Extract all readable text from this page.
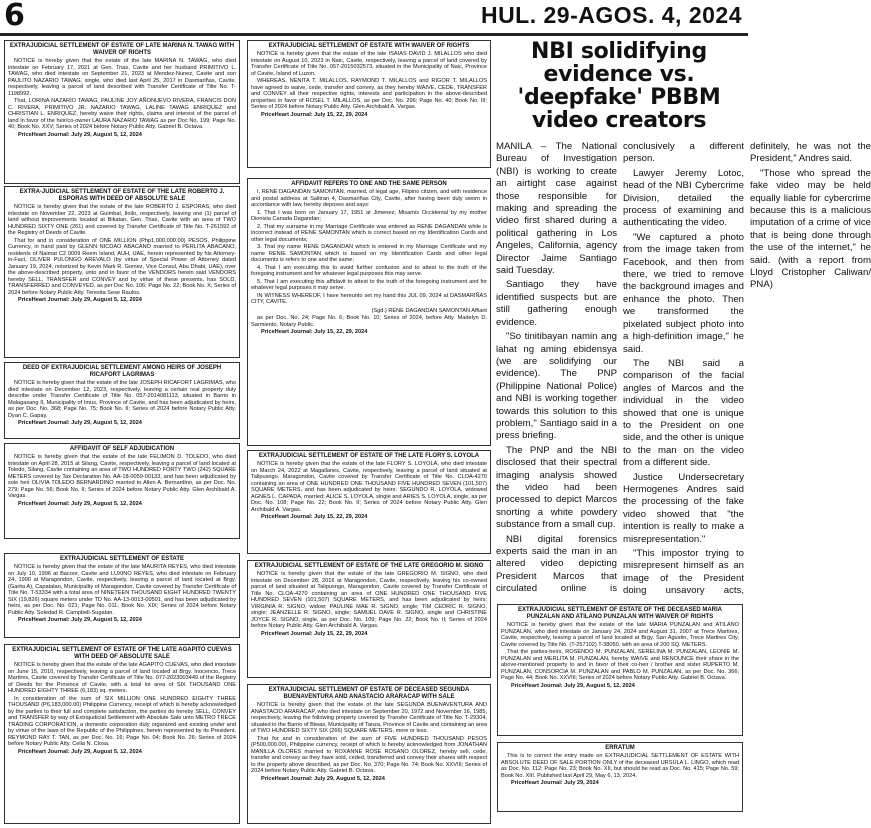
6	HUL. 29-AGOS. 4, 2024
EXTRAJUDICIAL SETTLEMENT OF ESTATE OF LATE MARINA N. TAWAG WITH WAIVER OF RIGHTS

NOTICE is hereby given that the estate of the late MARINA N. TAWAG, who died intestate on February 17, 2021 at Gen. Trias, Cavite and her husband PRIMITIVO L. TAWAG, who died intestate on September 21, 2023 at Mendez-Nunez, Cavite and son PAULITO NAZARIO TAWAG, single, who died last April 25, 2017 in Dasmariñas, Cavite, respectively, leaving a parcel of land described with Transfer Certificate of Title No. T-1198992.

That, LORINA NAZARIO TAWAG, PAULINE JOY AÑONUEVO RIVERA, FRANCIS DON C. RIVERA, PRIMITIVO JR. NAZARIO TAWAG, LALINE TAWAG ENRIQUEZ and CHRISTIAN L. ENRIQUEZ, hereby waive their rights, claims and interest of the parcel of land in favor of the heir/co-owner LAURA NAZARIO TAWAG as per Doc No. 199; Page No. 40; Book No. XXV; Series of 2024 before Notary Public Atty. Gabriel B. Octava.

PriceHeart Journal: July 29, August 5, 12, 2024

EXTRA-JUDICIAL SETTLEMENT OF ESTATE OF THE LATE ROBERTO J. ESPORAS WITH DEED OF ABSOLUTE SALE

NOTICE is hereby given that the estate of the late ROBERTO J. ESPORAS, who died intestate on November 22, 2023 at Guimbal, Iloilo, respectively, leaving one (1) parcel of land without improvements located at Bikatan, Gen. Trias, Cavite with an area of TWO HUNDRED SIXTY ONE (261) and covered by Transfer Certificate of Title No. T-261592 of the Registry of Deeds of Cavite.

That for and in consideration of ONE MILLION (Php1,000,000.00) PESOS, Philippine Currency, in hand paid by GLENN NICDAO ABACANO married to PERLITA ABACANO, residents of Naimat C2 0009 Reem Island, AUH, UAE, herein represented by his Attorney-in-Fact, OLIVER PULONGO AREVALO (by virtue of Special Power of Attorney dated January 19, 2024, notarized by Kevin Mark R. Gomez, Vice Consul, Abu Dhabi, UAE), over the above-described property, unto and in favor of the VENDORS herein said VENDORS hereby SELL, TRANSFER and CONVEY and by virtue of these presents, has SOLD, TRANSFERRED and CONVEYED, as per Doc No. 106; Page No. 22; Book No. X; Series of 2024 before Notary Public Atty. Teresita Sese Raulos.

PriceHeart Journal: July 29, August 5, 12, 2024

DEED OF EXTRAJUDICIAL SETTLEMENT AMONG HEIRS OF JOSEPH RICAFORT LAGRIMAS

NOTICE is hereby given that the estate of the late JOSEPH RICAFORT LAGRIMAS, who died intestate on December 12, 2023, respectively, leaving a certain real property duly describe under Transfer Certificate of Title No. 057-2014081113, situated in Barrio in Malagasang II, Municipality of Imus, Province of Cavite, and has been adjudicated by heirs, as per Doc. No. 368; Page No. 75; Book No. II; Series of 2024 before Notary Public Atty. Dyan C. Gapay.

PriceHeart Journal: July 29, August 5, 12, 2024

AFFIDAVIT OF SELF ADJUDICATION

NOTICE is hereby given that the estate of the late FELIMON D. TOLEDO, who died intestate on April 28, 2015 at Silang, Cavite, respectively, leaving a parcel of land located at Toledo, Silang, Cavite containing an area of TWO HUNDRED FORTY TWO (242) SQUARE METERS covered by Tax Declaration No. AA-18-0059-00133, and has been adjudicated by sole heir OLIVIA TOLEDO BERNARDINO married to Allen A. Bernardino, as per Doc. No. 279; Page No. 56; Book No. II; Series of 2024 before Notary Public Atty. Glen Archibald A. Vargas.

PriceHeart Journal: July 29, August 5, 12, 2024

EXTRAJUDICIAL SETTLEMENT OF ESTATE

NOTICE is hereby given that the estate of the late MAURITA REYES, who died intestate on July 10, 1996 at Bacoor, Cavite and LUXINO REYES, who died intestate on February 24, 1990 at Maragondon, Cavite, respectively, leaving a parcel of land located at Brgy. (Garita A), Capatalan, Municipality of Maragondon, Cavite covered by Transfer Certificate of Title No. T-53334 with a total area of NINETEEN THOUSAND EIGHT HUNDRED TWENTY SIX (19,826) square meters under TD No. AA-13-0013-00501, and has been adjudicated by heirs, as per Doc. No. 021; Page No. 011; Book No. XIX; Series of 2024 before Notary Public Atty. Soledad R. Campbell-Sugatan.

PriceHeart Journal: July 29, August 5, 12, 2024

EXTRAJUDICIAL SETTLEMENT OF ESTATE OF THE LATE AGAPITO CUEVAS WITH DEED OF ABSOLUTE SALE

NOTICE is hereby given that the estate of the late AGAPITO CUEVAS, who died intestate on June 15, 2010, respectively, leaving a parcel of land located at Brgy. Inocencio, Trece Martires, Cavite covered by Transfer Certificate of Title No. 077-2023003449 of the Registry of Deeds for the Province of Cavite, with a total lot area of SIX THOUSAND ONE HUNDRED EIGHTY THREE (6,183) sq. meters.

In consideration of the sum of SIX MILLION ONE HUNDRED EIGHTY THREE THOUSAND (P6,183,000.00) Philippine Currency, receipt of which is hereby acknowledged by the parties to their full and complete satisfaction, the parties do hereby SELL, CONVEY and TRANSFER by way of Extrajudicial Settlement with Absolute Sale unto METRO TRECE TRADING CORPORATION, a domestic corporation duly organized and existing under and by virtue of the laws of the Republic of the Philippines, herein represented by its President, REYMOND RAY T. TAN, as per Doc. No. 16; Page No. 04; Book No. 26; Series of 2024 before Notary Public Atty. Celia N. Closa.

PriceHeart Journal: July 29, August 5, 12, 2024

EXTRAJUDICIAL SETTLEMENT OF ESTATE WITH WAIVER OF RIGHTS

NOTICE is hereby given that the estate of the late ISAIAS DAVID J. MILALLOS who died intestate on August 10, 2023 in Naic, Cavite, respectively, leaving a parcel of land covered by Transfer Certificate of Title No. 057-2015032573, situated in the Municipality of Naic, Province of Cavite, Island of Luzon.

WHEREAS, NENITA T. MILALLOS, RAYMOND T. MILALLOS and RIGOR T. MILALLOS have agreed to waive, cede, transfer and convey, as they hereby WAIVE, CEDE, TRANSFER and CONVEY all their respective rights, interests and participation in the above-described properties in favor of ROSEL T. MILALLOS, as per Doc. No. 296; Page No. 40; Book No. III; Series of 2024 before Notary Public Atty. Glen Archibald A. Vargas.

PriceHeart Journal: July 15, 22, 29, 2024

AFFIDAVIT REFERS TO ONE AND THE SAME PERSON

I, RENE DAGANDAN SAMONTAN, married, of legal age, Filipino citizen, and with residence and postal address at Salitran 4, Dasmariñas City, Cavite, after having been duly sworn in accordance with law, hereby deposes and says:

1. That I was born on January 17, 1951 at Jimenez, Misamis Occidental by my mother Dionisia Canada Dagandan;

2. That my surname in my Marriage Certificate was entered as RENE DAGANDAN while is incorrect instead of RENE SAMONTAN which is correct based on my Identification Cards and other legal documents;

3. That my name RENE DAGANDAN which is entered in my Marriage Certificate and my name RENIE SAMONTAN which is based on my Identification Cards and other legal documents is refers to one and the same;

4. That I am executing this to avoid further confusion and to attest to the truth of the foregoing instrument and for whatever legal purposes this may serve.

5. That I am executing this affidavit to attest to the truth of the foregoing instrument and for whatever legal purposes it may serve.

IN WITNESS WHEREOF, I have hereunto set my hand this JUL 09, 2024 at DASMARIÑAS CITY, CAVITE.

(Sgd.) RENE DAGANDAN SAMONTAN Affiant

as per Doc. No. 24; Page No. 6; Book No. 10; Series of 2024, before Atty. Madelyn D. Sarmiento, Notary Public.

PriceHeart Journal: July 15, 22, 29, 2024

EXTRAJUDICIAL SETTLEMENT OF ESTATE OF THE LATE FLORY S. LOYOLA

NOTICE is hereby given that the estate of the late FLORY S. LOYOLA, who died intestate on March 24, 2022 at Magallanes, Cavite, respectively, leaving a parcel of land situated at Talipusngo, Maragondon, Cavite covered by Transfer Certificate of Title No. CLOA-4270 containing an area of ONE HUNDRED ONE THOUSAND FIVE HUNDRED SEVEN (101,507) SQUARE METERS, and has been adjudicated by heirs: SEGUNDO R. LOYOLA, widowed AGNES L. CAPADA, married; ALICE S. LOYOLA, single and ARIES S. LOYOLA, single, as per Doc. No. 108; Page No. 22; Book No. II; Series of 2024 before Notary Public Atty. Glen Archibald A. Vargas.

PriceHeart Journal: July 15, 22, 29, 2024

EXTRAJUDICIAL SETTLEMENT OF ESTATE OF THE LATE GREGORIO M. SIGNO

NOTICE is hereby given that the estate of the late GREGORIO M. SIGNO, who died intestate on December 28, 2016 at Maragondon, Cavite, respectively, leaving his co-owned parcel of land situated at Talipusngo, Maragondon, Cavite covered by Transfer Certificate of Title No. CLOA-4270 containing an area of ONE HUNDRED ONE THOUSAND FIVE HUNDRED SEVEN (101,507) SQUARE METERS, and has been adjudicated by heirs: VIRGINIA R. SIGNO, widow; PAULINE MAE R. SIGNO, single; TIM CEDRIC R. SIGNO, single; JEANZELLE R. SIGNO, single; SAMUEL DAVE R. SIGNO, single and CHRISTINE JOYCE R. SIGNO, single, as per Doc. No. 109; Page No. 22; Book No. II; Series of 2024 before Notary Public Atty. Glen Archibald A. Vargas.

PriceHeart Journal: July 15, 22, 29, 2024

EXTRAJUDICIAL SETTLEMENT OF ESTATE OF DECEASED SEGUNDA BUENAVENTURA AND ANASTACIO ARARACAP WITH SALE

NOTICE is hereby given that the estate of the late SEGUNDA BUENAVENTURA AND ANASTACIO ARARACAP, who died intestate on September 20, 1972 and November 16, 1985, respectively, leaving the following property covered by Transfer Certificate of Title No. T-29304, situated in the Barrio of Biwas, Municipality of Tanza, Province of Cavite and containing an area of TWO HUNDRED SIXTY SIX (266) SQUARE METERS, more or less.

That for and in consideration of the sum of FIVE HUNDRED THOUSAND PESOS (P500,000.00), Philippine currency, receipt of which is hereby acknowledged from JONATHAN MANILLA OLORES married to ROXANNE ROSE ROSANO OLOREZ, hereby sell, cede, transfer and convey as they have sold, ceded, transferred and convey their shares with respect to the property above described, as per Doc. No. 370; Page No. 74; Book No. XXVIII; Series of 2024 before Notary Public Atty. Gabriel B. Octava.

PriceHeart Journal: July 29, August 5, 12, 2024

NBI solidifying evidence vs. 'deepfake' PBBM video creators

MANILA – The National Bureau of Investigation (NBI) is working to create an airtight case against those responsible for making and spreading the video first shared during a political gathering in Los Angeles, California, agency Director Jaime Santiago said Tuesday.

Santiago they have identified suspects but are still gathering enough evidence.

"So tinitibayan namin ang lahat ng aming ebidensya (we are solidifying our evidence). The PNP (Philippine National Police) and NBI is working together towards this solution to this problem," Santiago said in a press briefing.

The PNP and the NBI disclosed that their spectral imaging analysis showed the video had been processed to depict Marcos snorting a white powdery substance from a small cup.

NBI digital forensics experts said the man in an altered video depicting President Marcos that circulated online is conclusively a different person.

Lawyer Jeremy Lotoc, head of the NBI Cybercrime Division, detailed the process of examining and authenticating the video.

"We captured a photo from the image taken from Facebook, and then from there, we tried to remove the background images and enhance the photo. Then we transformed the pixelated subject photo into a high-definition image," he said.

The NBI said a comparison of the facial angles of Marcos and the individual in the video showed that one is unique to the President on one side, and the other is unique to the man on the video from a different side.

Justice Undersecretary Hermogenes Andres said the processing of the fake video showed that "the intention is really to make a misrepresentation."

"This impostor trying to misrepresent himself as an image of the President doing unsavory acts, definitely, he was not the President," Andres said.

"Those who spread the fake video may be held equally liable for cybercrime because this is a malicious imputation of a crime of vice that is being done through the use of the internet," he said. (with a report from Lloyd Cristopher Caliwan/ PNA)

EXTRAJUDICIAL SETTLEMENT OF ESTATE OF THE DECEASED MARIA PUNZALAN AND ATILANO PUNZALAN WITH WAIVER OF RIGHTS

NOTICE is hereby given that the estate of the late MARIA PUNZALAN and ATILANO PUNZALAN, who died intestate on January 24, 2024 and August 31, 2007 at Trece Martires, Cavite, respectively, leaving a parcel of land located at Brgy. San Agustin, Trece Martires City, Cavite covered by Title No. (T-257102) T-38050, with an area of 200 SQ. METERS.

That the parties-heirs, ROSENDO M. PUNZALAN, SERELINA M. PUNZALAN, LEONIE M. PUNZALAN and MERLITA M. PUNZALAN, hereby WAIVE and RENOUNCE their share in the above-mentioned property to and in favor of their co-heir / brother and sister RUPERTO M. PUNZALAN, CONSORCIA M. PUNZALAN and PABLO M. PUNZALAN, as per Doc. No. 366; Page No. 44; Book No. XXVIII; Series of 2024 before Notary Public Atty. Gabriel B. Octava.

PriceHeart Journal: July 29, August 5, 12, 2024

ERRATUM

This is to correct the entry made on EXTRAJUDICIAL SETTLEMENT OF ESTATE WITH ABSOLUTE DEED OF SALE PORTION ONLY of the deceased URSULA L. LINGO, which read as Doc. No. 112; Page No. 23; Book No. XII, but should be read as Doc. No. 415; Page No. 59; Book No. XIII. Published last April 29, May 6, 13, 2024.

PriceHeart Journal: July 29, 2024
